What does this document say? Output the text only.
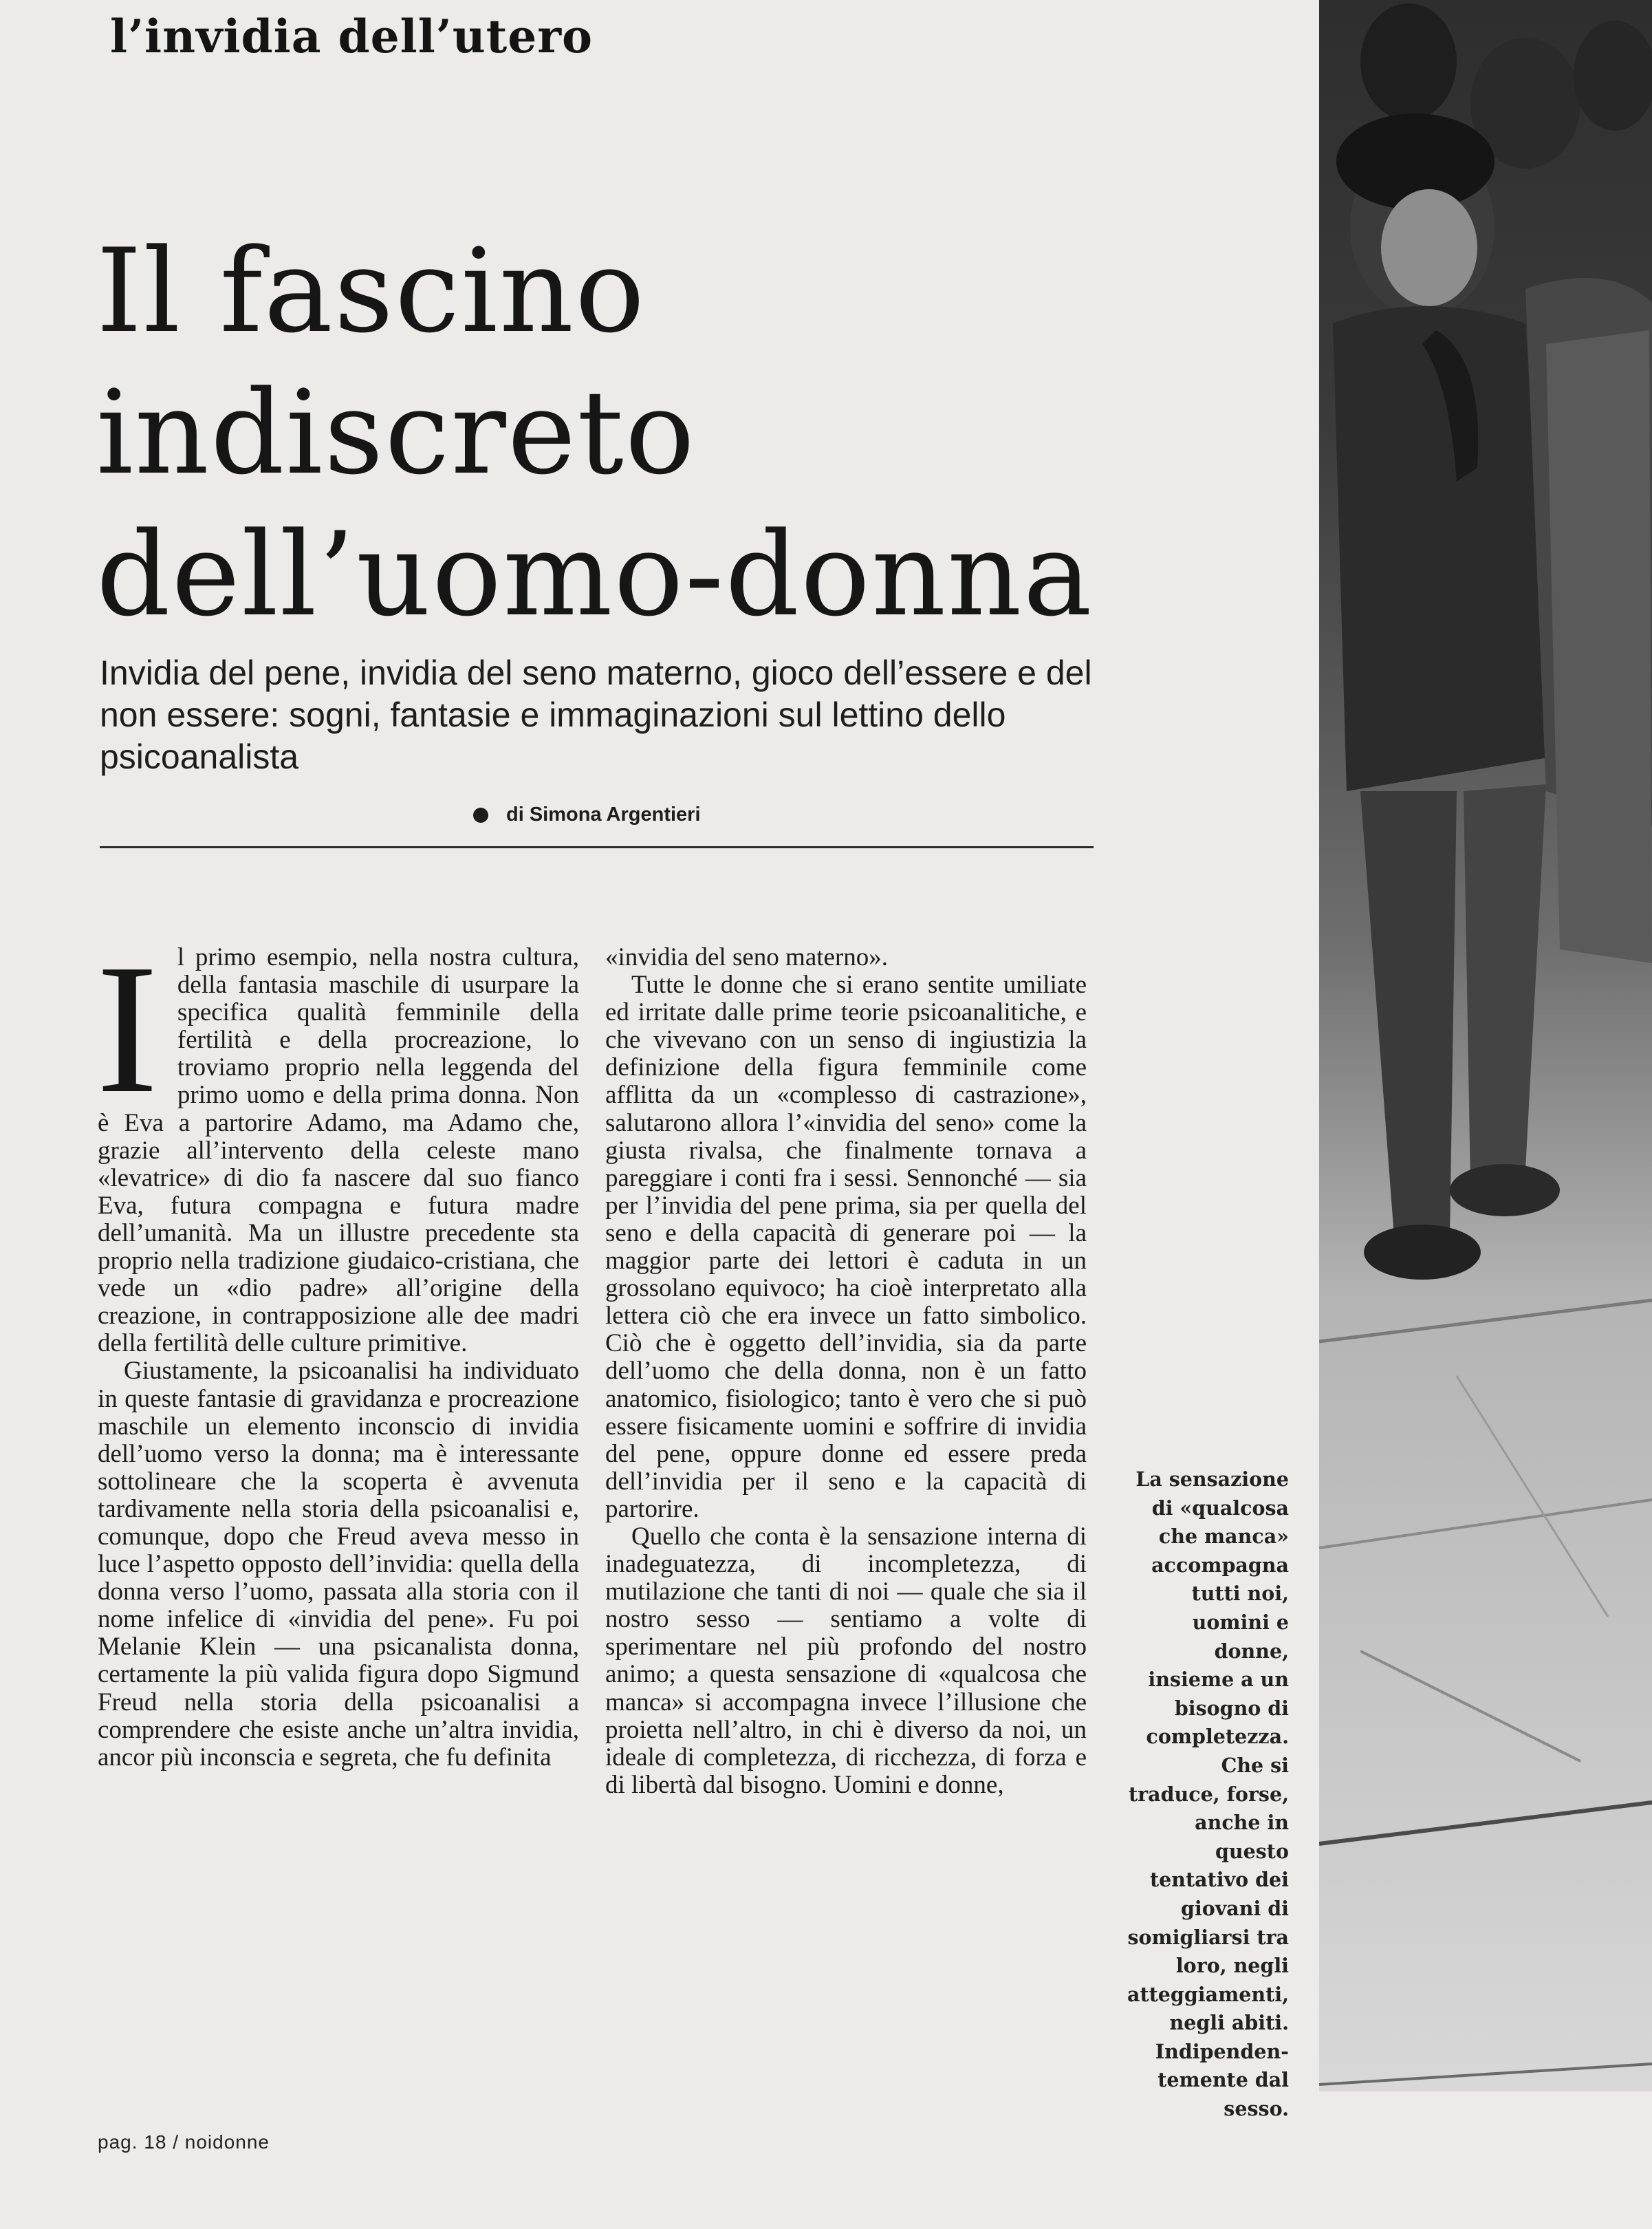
l’invidia dell’utero
Il fascino
indiscreto
dell’uomo-donna
Invidia del pene, invidia del seno materno, gioco dell’essere e del non essere: sogni, fantasie e immaginazioni sul lettino dello psicoanalista
di Simona Argentieri

Il primo esempio, nella nostra cultura, della fantasia maschile di usurpare la specifica qualità femminile della fertilità e della procreazione, lo troviamo proprio nella leggenda del primo uomo e della prima donna. Non è Eva a partorire Adamo, ma Adamo che, grazie all’intervento della celeste mano «levatrice» di dio fa nascere dal suo fianco Eva, futura compagna e futura madre dell’umanità. Ma un illustre precedente sta proprio nella tradizione giudaico-cristiana, che vede un «dio padre» all’origine della creazione, in contrapposizione alle dee madri della fertilità delle culture primitive.

Giustamente, la psicoanalisi ha individuato in queste fantasie di gravidanza e procreazione maschile un elemento inconscio di invidia dell’uomo verso la donna; ma è interessante sottolineare che la scoperta è avvenuta tardivamente nella storia della psicoanalisi e, comunque, dopo che Freud aveva messo in luce l’aspetto opposto dell’invidia: quella della donna verso l’uomo, passata alla storia con il nome infelice di «invidia del pene». Fu poi Melanie Klein — una psicanalista donna, certamente la più valida figura dopo Sigmund Freud nella storia della psicoanalisi a comprendere che esiste anche un’altra invidia, ancor più inconscia e segreta, che fu definita

«invidia del seno materno».

Tutte le donne che si erano sentite umiliate ed irritate dalle prime teorie psicoanalitiche, e che vivevano con un senso di ingiustizia la definizione della figura femminile come afflitta da un «complesso di castrazione», salutarono allora l’«invidia del seno» come la giusta rivalsa, che finalmente tornava a pareggiare i conti fra i sessi. Sennonché — sia per l’invidia del pene prima, sia per quella del seno e della capacità di generare poi — la maggior parte dei lettori è caduta in un grossolano equivoco; ha cioè interpretato alla lettera ciò che era invece un fatto simbolico. Ciò che è oggetto dell’invidia, sia da parte dell’uomo che della donna, non è un fatto anatomico, fisiologico; tanto è vero che si può essere fisicamente uomini e soffrire di invidia del pene, oppure donne ed essere preda dell’invidia per il seno e la capacità di partorire.

Quello che conta è la sensazione interna di inadeguatezza, di incompletezza, di mutilazione che tanti di noi — quale che sia il nostro sesso — sentiamo a volte di sperimentare nel più profondo del nostro animo; a questa sensazione di «qualcosa che manca» si accompagna invece l’illusione che proietta nell’altro, in chi è diverso da noi, un ideale di completezza, di ricchezza, di forza e di libertà dal bisogno. Uomini e donne,

La sensazione
di «qualcosa
che manca»
accompagna
tutti noi,
uomini e
donne,
insieme a un
bisogno di
completezza.
Che si
traduce, forse,
anche in
questo
tentativo dei
giovani di
somigliarsi tra
loro, negli
atteggiamenti,
negli abiti.
Indipenden-
temente dal
sesso.
pag. 18 / noidonne
